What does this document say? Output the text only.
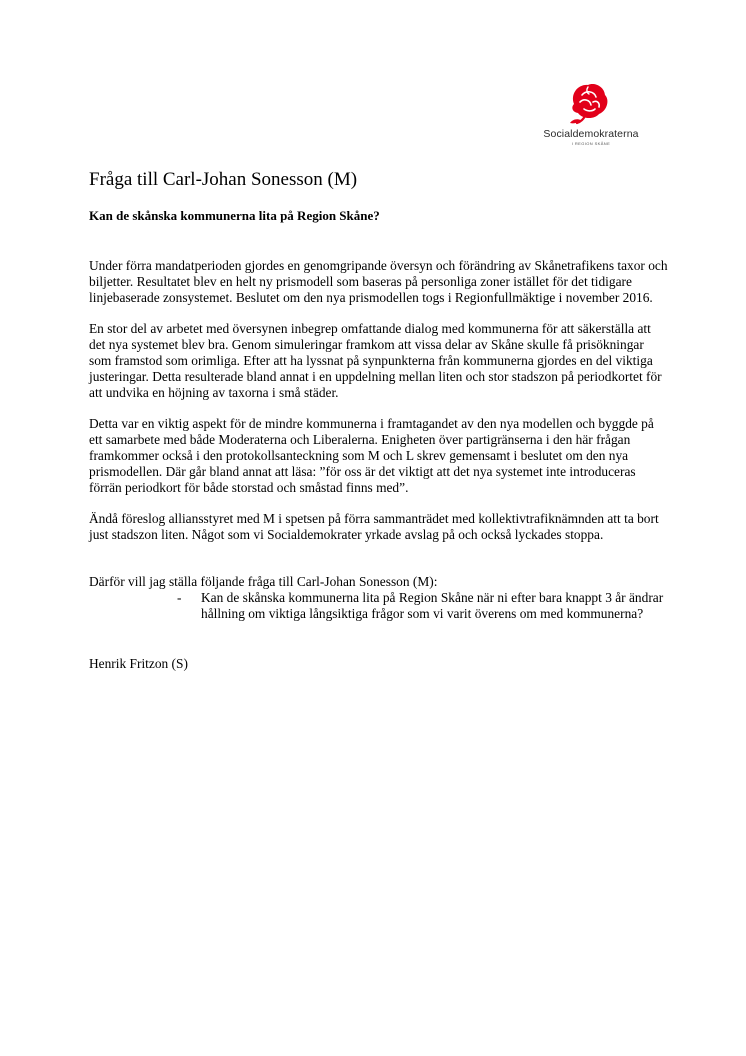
Socialdemokraterna
I REGION SKÅNE
Fråga till Carl-Johan Sonesson (M)

Kan de skånska kommunerna lita på Region Skåne?

Under förra mandatperioden gjordes en genomgripande översyn och förändring av Skånetrafikens taxor och biljetter. Resultatet blev en helt ny prismodell som baseras på personliga zoner istället för det tidigare linjebaserade zonsystemet. Beslutet om den nya prismodellen togs i Regionfullmäktige i november 2016.

En stor del av arbetet med översynen inbegrep omfattande dialog med kommunerna för att säkerställa att det nya systemet blev bra. Genom simuleringar framkom att vissa delar av Skåne skulle få prisökningar som framstod som orimliga. Efter att ha lyssnat på synpunkterna från kommunerna gjordes en del viktiga justeringar. Detta resulterade bland annat i en uppdelning mellan liten och stor stadszon på periodkortet för att undvika en höjning av taxorna i små städer.

Detta var en viktig aspekt för de mindre kommunerna i framtagandet av den nya modellen och byggde på ett samarbete med både Moderaterna och Liberalerna. Enigheten över partigränserna i den här frågan framkommer också i den protokollsanteckning som M och L skrev gemensamt i beslutet om den nya prismodellen. Där går bland annat att läsa: ”för oss är det viktigt att det nya systemet inte introduceras förrän periodkort för både storstad och småstad finns med”.

Ändå föreslog alliansstyret med M i spetsen på förra sammanträdet med kollektivtrafiknämnden att ta bort just stadszon liten. Något som vi Socialdemokrater yrkade avslag på och också lyckades stoppa.

Därför vill jag ställa följande fråga till Carl-Johan Sonesson (M):

- Kan de skånska kommunerna lita på Region Skåne när ni efter bara knappt 3 år ändrar hållning om viktiga långsiktiga frågor som vi varit överens om med kommunerna?

Henrik Fritzon (S)
